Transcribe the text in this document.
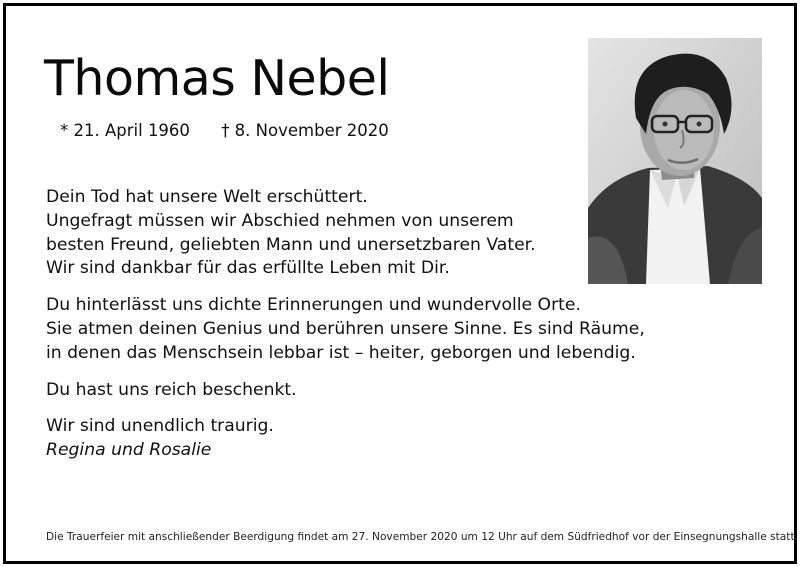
Thomas Nebel
* 21. April 1960 † 8. November 2020

Dein Tod hat unsere Welt erschüttert.

Ungefragt müssen wir Abschied nehmen von unserem

besten Freund, geliebten Mann und unersetzbaren Vater.

Wir sind dankbar für das erfüllte Leben mit Dir.

Du hinterlässt uns dichte Erinnerungen und wundervolle Orte.

Sie atmen deinen Genius und berühren unsere Sinne. Es sind Räume,

in denen das Menschsein lebbar ist – heiter, geborgen und lebendig.

Du hast uns reich beschenkt.

Wir sind unendlich traurig.

Regina und Rosalie

Die Trauerfeier mit anschließender Beerdigung findet am 27. November 2020 um 12 Uhr auf dem Südfriedhof vor der Einsegnungshalle statt.
